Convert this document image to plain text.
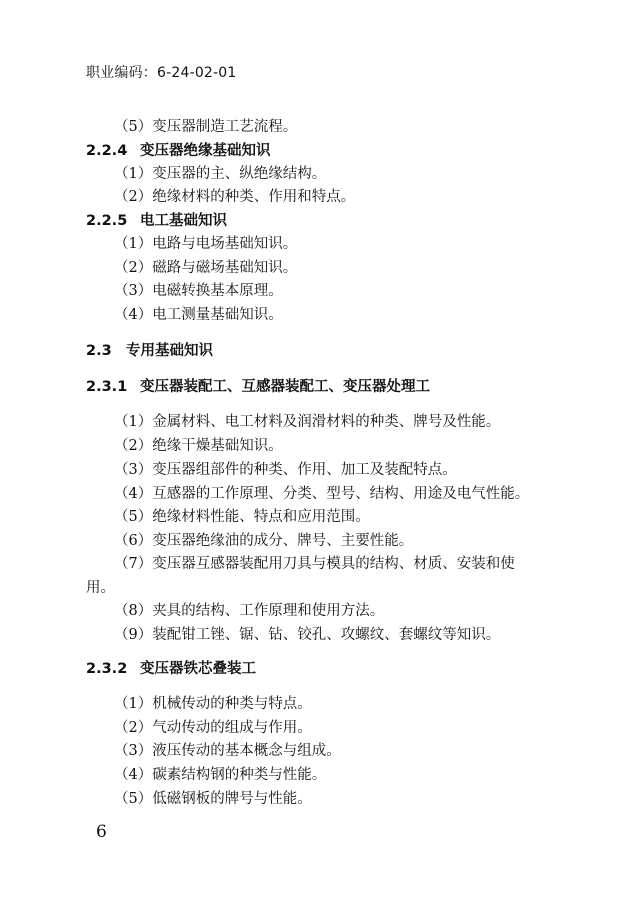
职业编码：6-24-02-01
（5）变压器制造工艺流程。
2.2.4 变压器绝缘基础知识
（1）变压器的主、纵绝缘结构。
（2）绝缘材料的种类、作用和特点。
2.2.5 电工基础知识
（1）电路与电场基础知识。
（2）磁路与磁场基础知识。
（3）电磁转换基本原理。
（4）电工测量基础知识。
2.3 专用基础知识
2.3.1 变压器装配工、互感器装配工、变压器处理工
（1）金属材料、电工材料及润滑材料的种类、牌号及性能。
（2）绝缘干燥基础知识。
（3）变压器组部件的种类、作用、加工及装配特点。
（4）互感器的工作原理、分类、型号、结构、用途及电气性能。
（5）绝缘材料性能、特点和应用范围。
（6）变压器绝缘油的成分、牌号、主要性能。
（7）变压器互感器装配用刀具与模具的结构、材质、安装和使
用。
（8）夹具的结构、工作原理和使用方法。
（9）装配钳工锉、锯、钻、铰孔、攻螺纹、套螺纹等知识。
2.3.2 变压器铁芯叠装工
（1）机械传动的种类与特点。
（2）气动传动的组成与作用。
（3）液压传动的基本概念与组成。
（4）碳素结构钢的种类与性能。
（5）低磁钢板的牌号与性能。
6
